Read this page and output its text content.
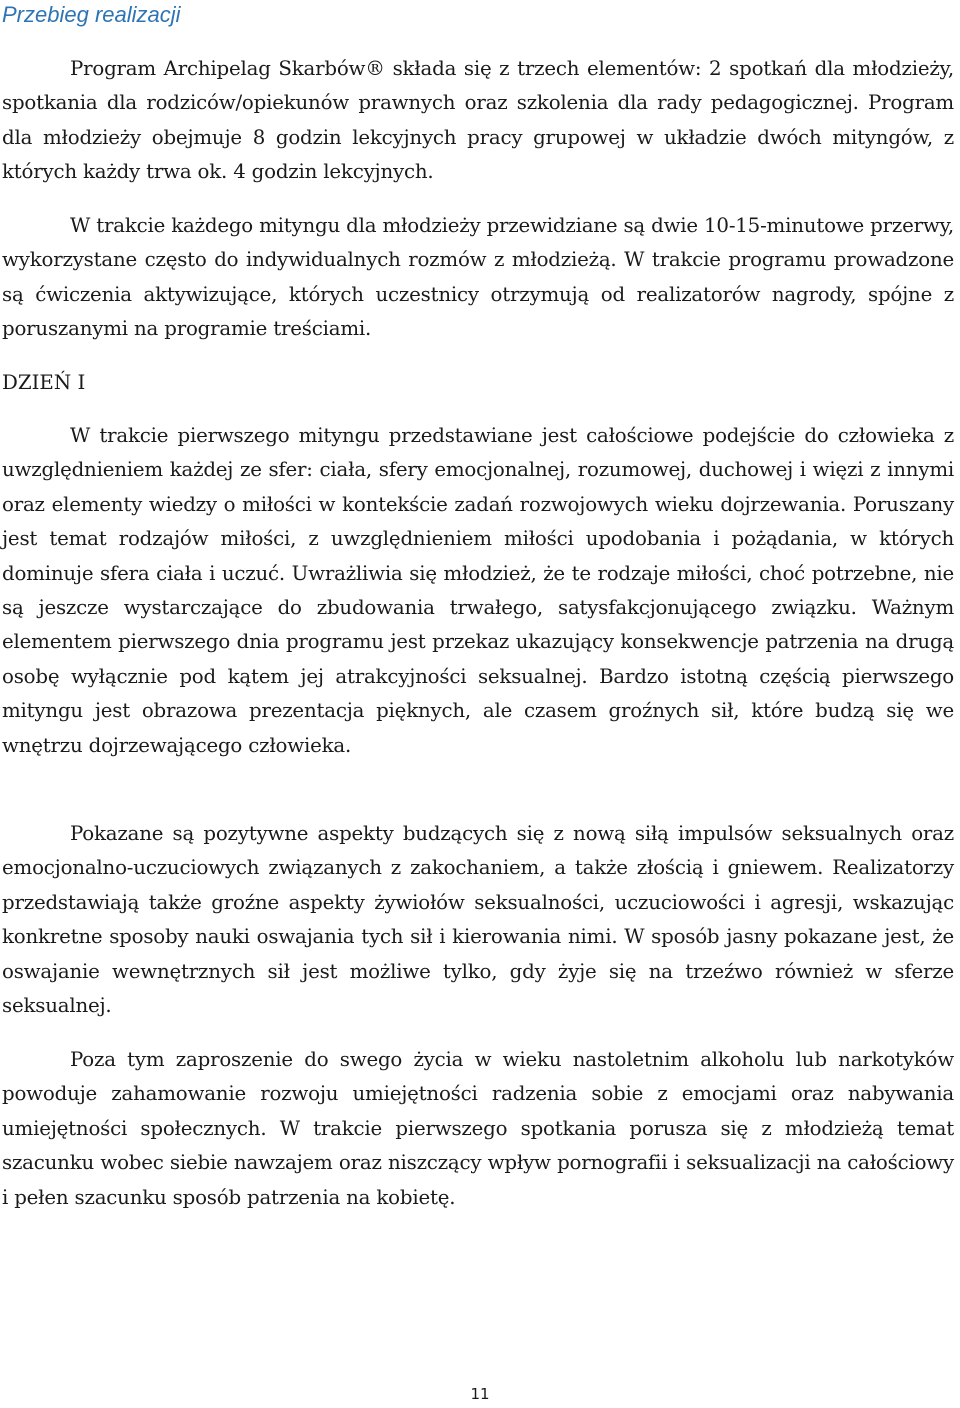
Przebieg realizacji

Program Archipelag Skarbów® składa się z trzech elementów: 2 spotkań dla młodzieży, spotkania dla rodziców/opiekunów prawnych oraz szkolenia dla rady pedagogicznej. Program dla młodzieży obejmuje 8 godzin lekcyjnych pracy grupowej w układzie dwóch mityngów, z których każdy trwa ok. 4 godzin lekcyjnych.

W trakcie każdego mityngu dla młodzieży przewidziane są dwie 10-15-minutowe przerwy, wykorzystane często do indywidualnych rozmów z młodzieżą. W trakcie programu prowadzone są ćwiczenia aktywizujące, których uczestnicy otrzymują od realizatorów nagrody, spójne z poruszanymi na programie treściami.

DZIEŃ I

W trakcie pierwszego mityngu przedstawiane jest całościowe podejście do człowieka z uwzględnieniem każdej ze sfer: ciała, sfery emocjonalnej, rozumowej, duchowej i więzi z innymi oraz elementy wiedzy o miłości w kontekście zadań rozwojowych wieku dojrzewania. Poruszany jest temat rodzajów miłości, z uwzględnieniem miłości upodobania i pożądania, w których dominuje sfera ciała i uczuć. Uwrażliwia się młodzież, że te rodzaje miłości, choć potrzebne, nie są jeszcze wystarczające do zbudowania trwałego, satysfakcjonującego związku. Ważnym elementem pierwszego dnia programu jest przekaz ukazujący konsekwencje patrzenia na drugą osobę wyłącznie pod kątem jej atrakcyjności seksualnej. Bardzo istotną częścią pierwszego mityngu jest obrazowa prezentacja pięknych, ale czasem groźnych sił, które budzą się we wnętrzu dojrzewającego człowieka.

Pokazane są pozytywne aspekty budzących się z nową siłą impulsów seksualnych oraz emocjonalno-uczuciowych związanych z zakochaniem, a także złością i gniewem. Realizatorzy przedstawiają także groźne aspekty żywiołów seksualności, uczuciowości i agresji, wskazując konkretne sposoby nauki oswajania tych sił i kierowania nimi. W sposób jasny pokazane jest, że oswajanie wewnętrznych sił jest możliwe tylko, gdy żyje się na trzeźwo również w sferze seksualnej.

Poza tym zaproszenie do swego życia w wieku nastoletnim alkoholu lub narkotyków powoduje zahamowanie rozwoju umiejętności radzenia sobie z emocjami oraz nabywania umiejętności społecznych. W trakcie pierwszego spotkania porusza się z młodzieżą temat szacunku wobec siebie nawzajem oraz niszczący wpływ pornografii i seksualizacji na całościowy i pełen szacunku sposób patrzenia na kobietę.

11
